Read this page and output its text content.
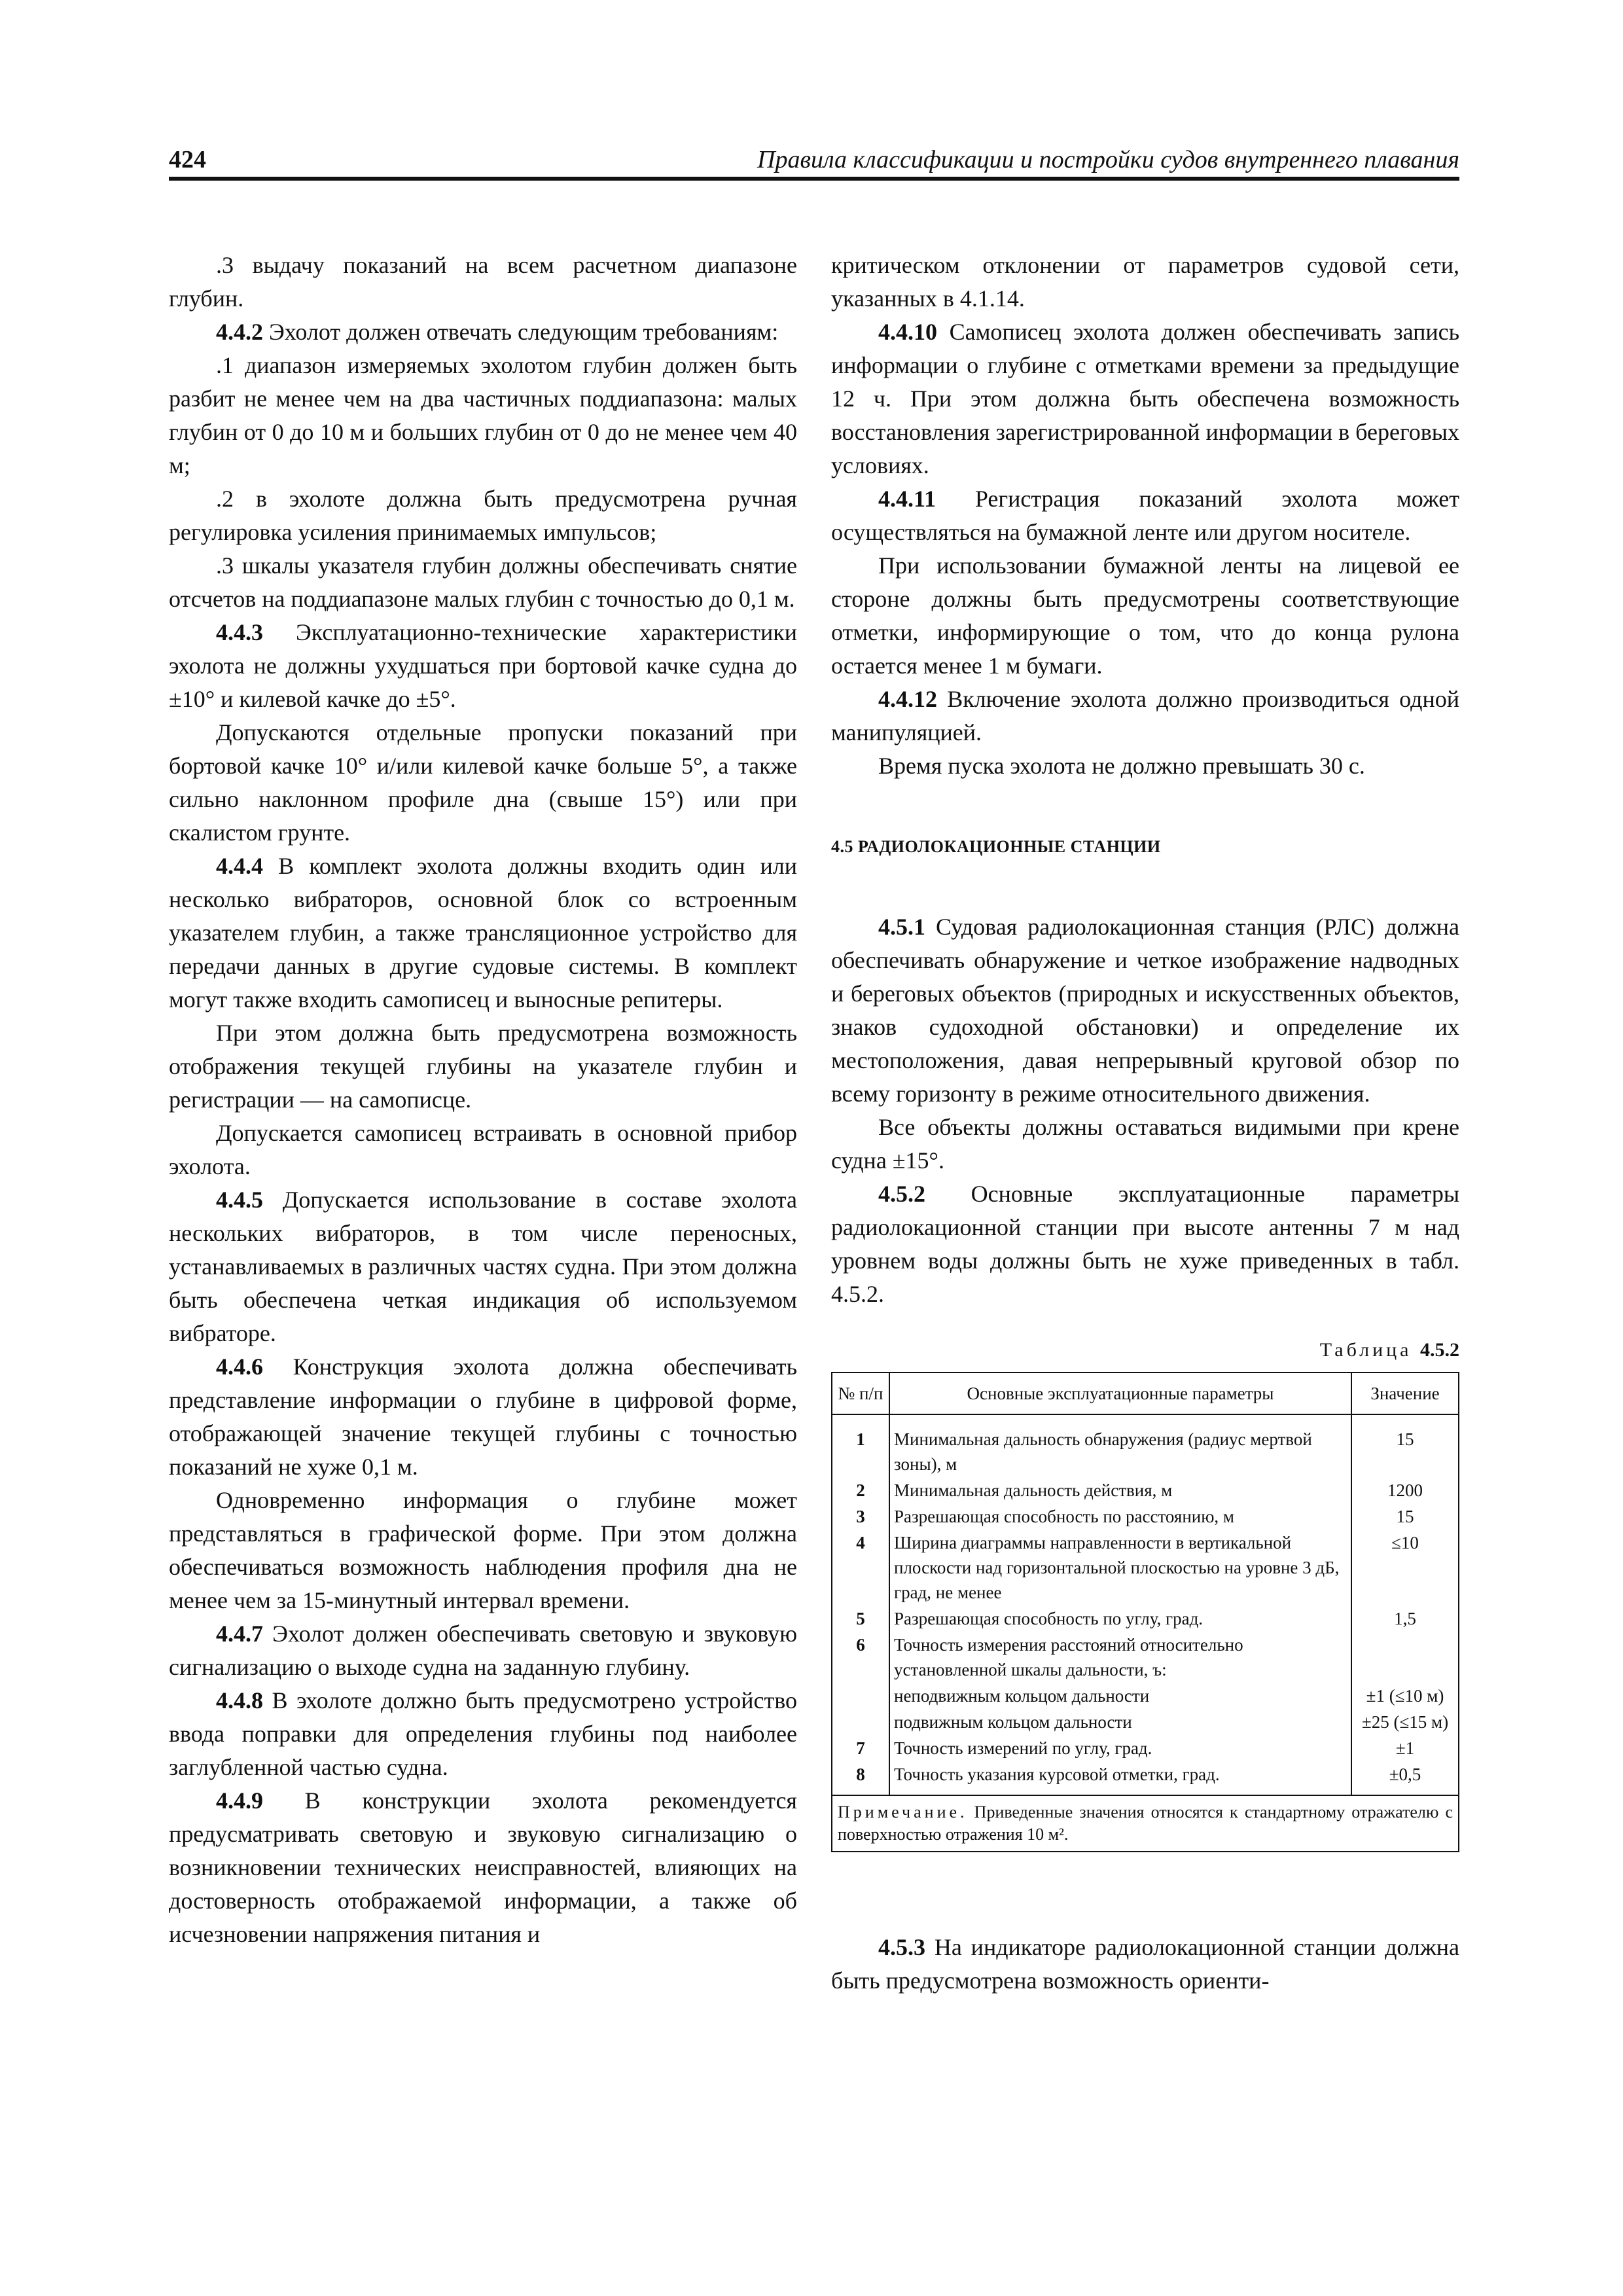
424	Правила классификации и постройки судов внутреннего плавания

.3 выдачу показаний на всем расчетном диапазоне глубин.

4.4.2 Эхолот должен отвечать следующим требованиям:

.1 диапазон измеряемых эхолотом глубин должен быть разбит не менее чем на два частичных поддиапазона: малых глубин от 0 до 10 м и больших глубин от 0 до не менее чем 40 м;

.2 в эхолоте должна быть предусмотрена ручная регулировка усиления принимаемых импульсов;

.3 шкалы указателя глубин должны обеспечивать снятие отсчетов на поддиапазоне малых глубин с точностью до 0,1 м.

4.4.3 Эксплуатационно-технические характеристики эхолота не должны ухудшаться при бортовой качке судна до ±10° и килевой качке до ±5°.

Допускаются отдельные пропуски показаний при бортовой качке 10° и/или килевой качке больше 5°, а также сильно наклонном профиле дна (свыше 15°) или при скалистом грунте.

4.4.4 В комплект эхолота должны входить один или несколько вибраторов, основной блок со встроенным указателем глубин, а также трансляционное устройство для передачи данных в другие судовые системы. В комплект могут также входить самописец и выносные репитеры.

При этом должна быть предусмотрена возможность отображения текущей глубины на указателе глубин и регистрации — на самописце.

Допускается самописец встраивать в основной прибор эхолота.

4.4.5 Допускается использование в составе эхолота нескольких вибраторов, в том числе переносных, устанавливаемых в различных частях судна. При этом должна быть обеспечена четкая индикация об используемом вибраторе.

4.4.6 Конструкция эхолота должна обеспечивать представление информации о глубине в цифровой форме, отображающей значение текущей глубины с точностью показаний не хуже 0,1 м.

Одновременно информация о глубине может представляться в графической форме. При этом должна обеспечиваться возможность наблюдения профиля дна не менее чем за 15-минутный интервал времени.

4.4.7 Эхолот должен обеспечивать световую и звуковую сигнализацию о выходе судна на заданную глубину.

4.4.8 В эхолоте должно быть предусмотрено устройство ввода поправки для определения глубины под наиболее заглубленной частью судна.

4.4.9 В конструкции эхолота рекомендуется предусматривать световую и звуковую сигнализацию о возникновении технических неисправностей, влияющих на достоверность отображаемой информации, а также об исчезновении напряжения питания и

критическом отклонении от параметров судовой сети, указанных в 4.1.14.

4.4.10 Самописец эхолота должен обеспечивать запись информации о глубине с отметками времени за предыдущие 12 ч. При этом должна быть обеспечена возможность восстановления зарегистрированной информации в береговых условиях.

4.4.11 Регистрация показаний эхолота может осуществляться на бумажной ленте или другом носителе.

При использовании бумажной ленты на лицевой ее стороне должны быть предусмотрены соответствующие отметки, информирующие о том, что до конца рулона остается менее 1 м бумаги.

4.4.12 Включение эхолота должно производиться одной манипуляцией.

Время пуска эхолота не должно превышать 30 с.

4.5 РАДИОЛОКАЦИОННЫЕ СТАНЦИИ

4.5.1 Судовая радиолокационная станция (РЛС) должна обеспечивать обнаружение и четкое изображение надводных и береговых объектов (природных и искусственных объектов, знаков судоходной обстановки) и определение их местоположения, давая непрерывный круговой обзор по всему горизонту в режиме относительного движения.

Все объекты должны оставаться видимыми при крене судна ±15°.

4.5.2 Основные эксплуатационные параметры радиолокационной станции при высоте антенны 7 м над уровнем воды должны быть не хуже приведенных в табл. 4.5.2.

Таблица 4.5.2
№ п/п	Основные эксплуатационные параметры	Значение
1	Минимальная дальность обнаружения (радиус мертвой зоны), м	15
2	Минимальная дальность действия, м	1200
3	Разрешающая способность по расстоянию, м	15
4	Ширина диаграммы направленности в вертикальной плоскости над горизонтальной плоскостью на уровне 3 дБ, град, не менее	≤10
5	Разрешающая способность по углу, град.	1,5
6	Точность измерения расстояний относительно установленной шкалы дальности, ъ:	
	неподвижным кольцом дальности	±1 (≤10 м)
	подвижным кольцом дальности	±25 (≤15 м)
7	Точность измерений по углу, град.	±1
8	Точность указания курсовой отметки, град.	±0,5
Примечание. Приведенные значения относятся к стандартному отражателю с поверхностью отражения 10 м².		

4.5.3 На индикаторе радиолокационной станции должна быть предусмотрена возможность ориенти-
